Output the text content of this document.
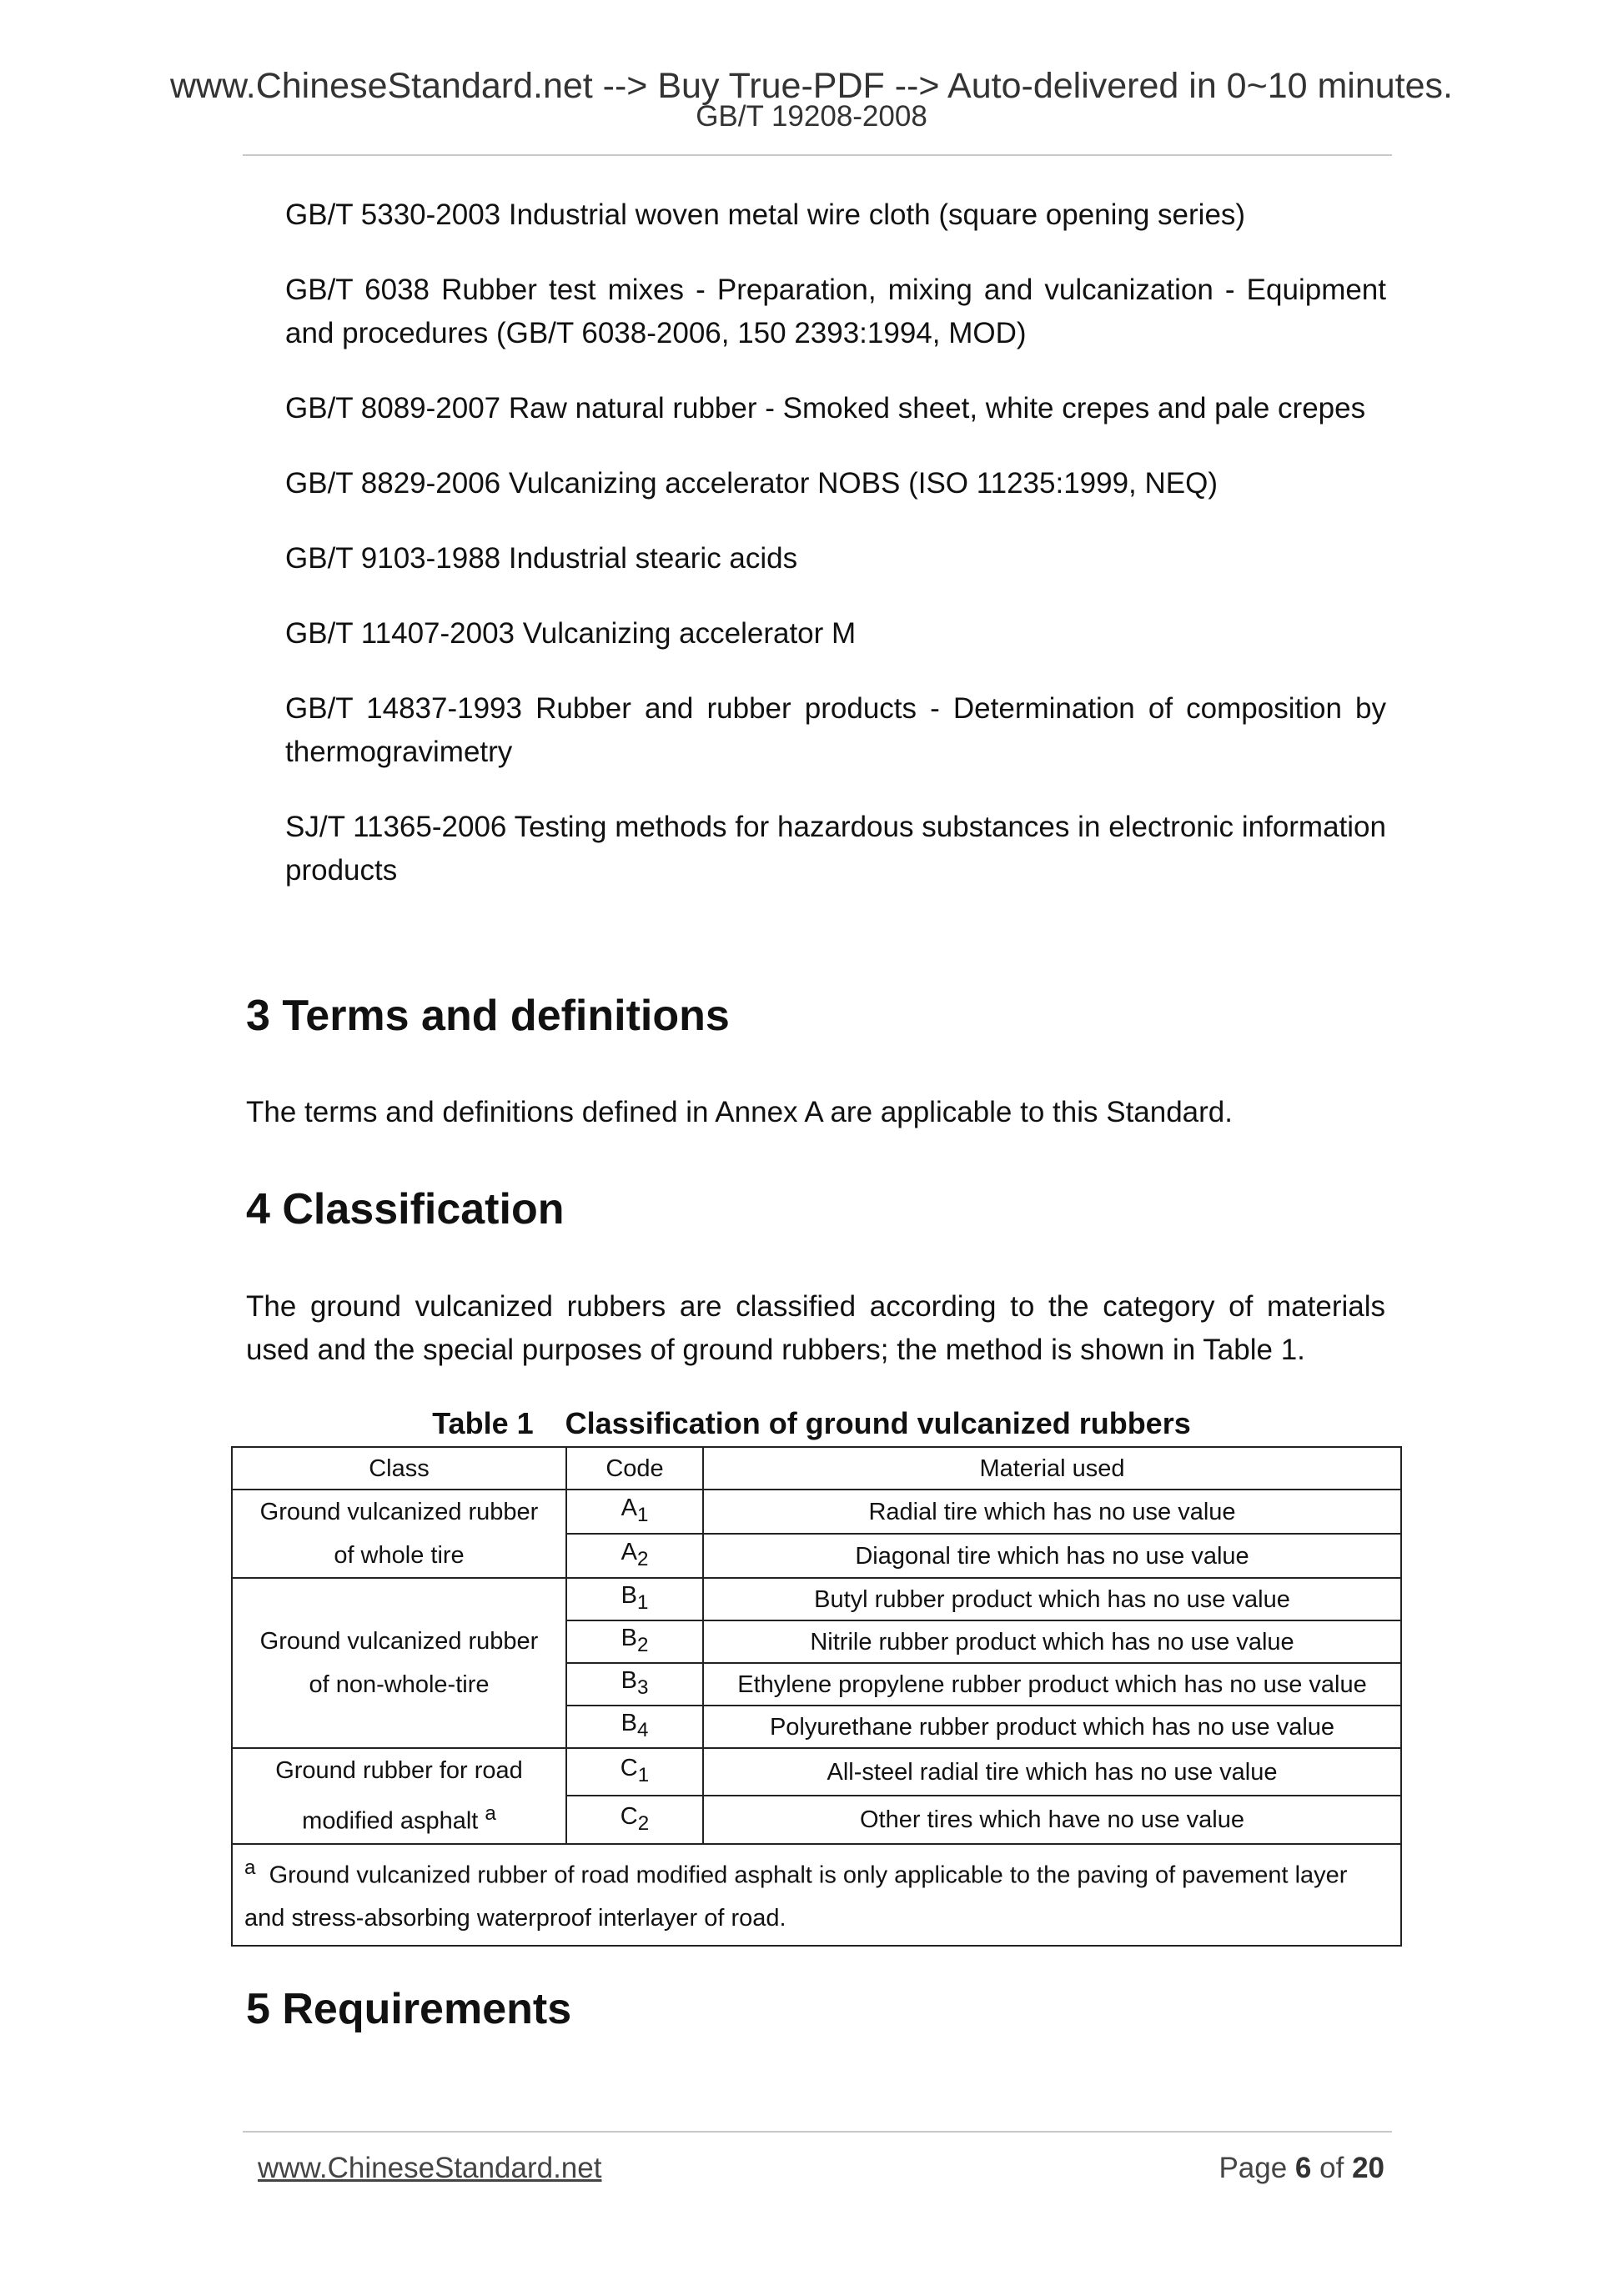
www.ChineseStandard.net --> Buy True-PDF --> Auto-delivered in 0~10 minutes.
GB/T 19208-2008
GB/T 5330-2003 Industrial woven metal wire cloth (square opening series)
GB/T 6038 Rubber test mixes - Preparation, mixing and vulcanization - Equipment and procedures (GB/T 6038-2006, 150 2393:1994, MOD)
GB/T 8089-2007 Raw natural rubber - Smoked sheet, white crepes and pale crepes
GB/T 8829-2006 Vulcanizing accelerator NOBS (ISO 11235:1999, NEQ)
GB/T 9103-1988 Industrial stearic acids
GB/T 11407-2003 Vulcanizing accelerator M
GB/T 14837-1993 Rubber and rubber products - Determination of composition by thermogravimetry
SJ/T 11365-2006 Testing methods for hazardous substances in electronic information products
3 Terms and definitions

The terms and definitions defined in Annex A are applicable to this Standard.

4 Classification

The ground vulcanized rubbers are classified according to the category of materials used and the special purposes of ground rubbers; the method is shown in Table 1.

Table 1 Classification of ground vulcanized rubbers
Class	Code	Material used
Ground vulcanized rubber
of whole tire	$A_1$	Radial tire which has no use value
	$A_2$	Diagonal tire which has no use value
Ground vulcanized rubber
of non-whole-tire	$B_1$	Butyl rubber product which has no use value
	$B_2$	Nitrile rubber product which has no use value
	$B_3$	Ethylene propylene rubber product which has no use value
	$B_4$	Polyurethane rubber product which has no use value
Ground rubber for road
modified asphalt $^a$	$C_1$	All-steel radial tire which has no use value
	$C_2$	Other tires which have no use value
$^a$ Ground vulcanized rubber of road modified asphalt is only applicable to the paving of pavement layer and stress-absorbing waterproof interlayer of road.		
5 Requirements
www.ChineseStandard.net	Page 6 of 20
